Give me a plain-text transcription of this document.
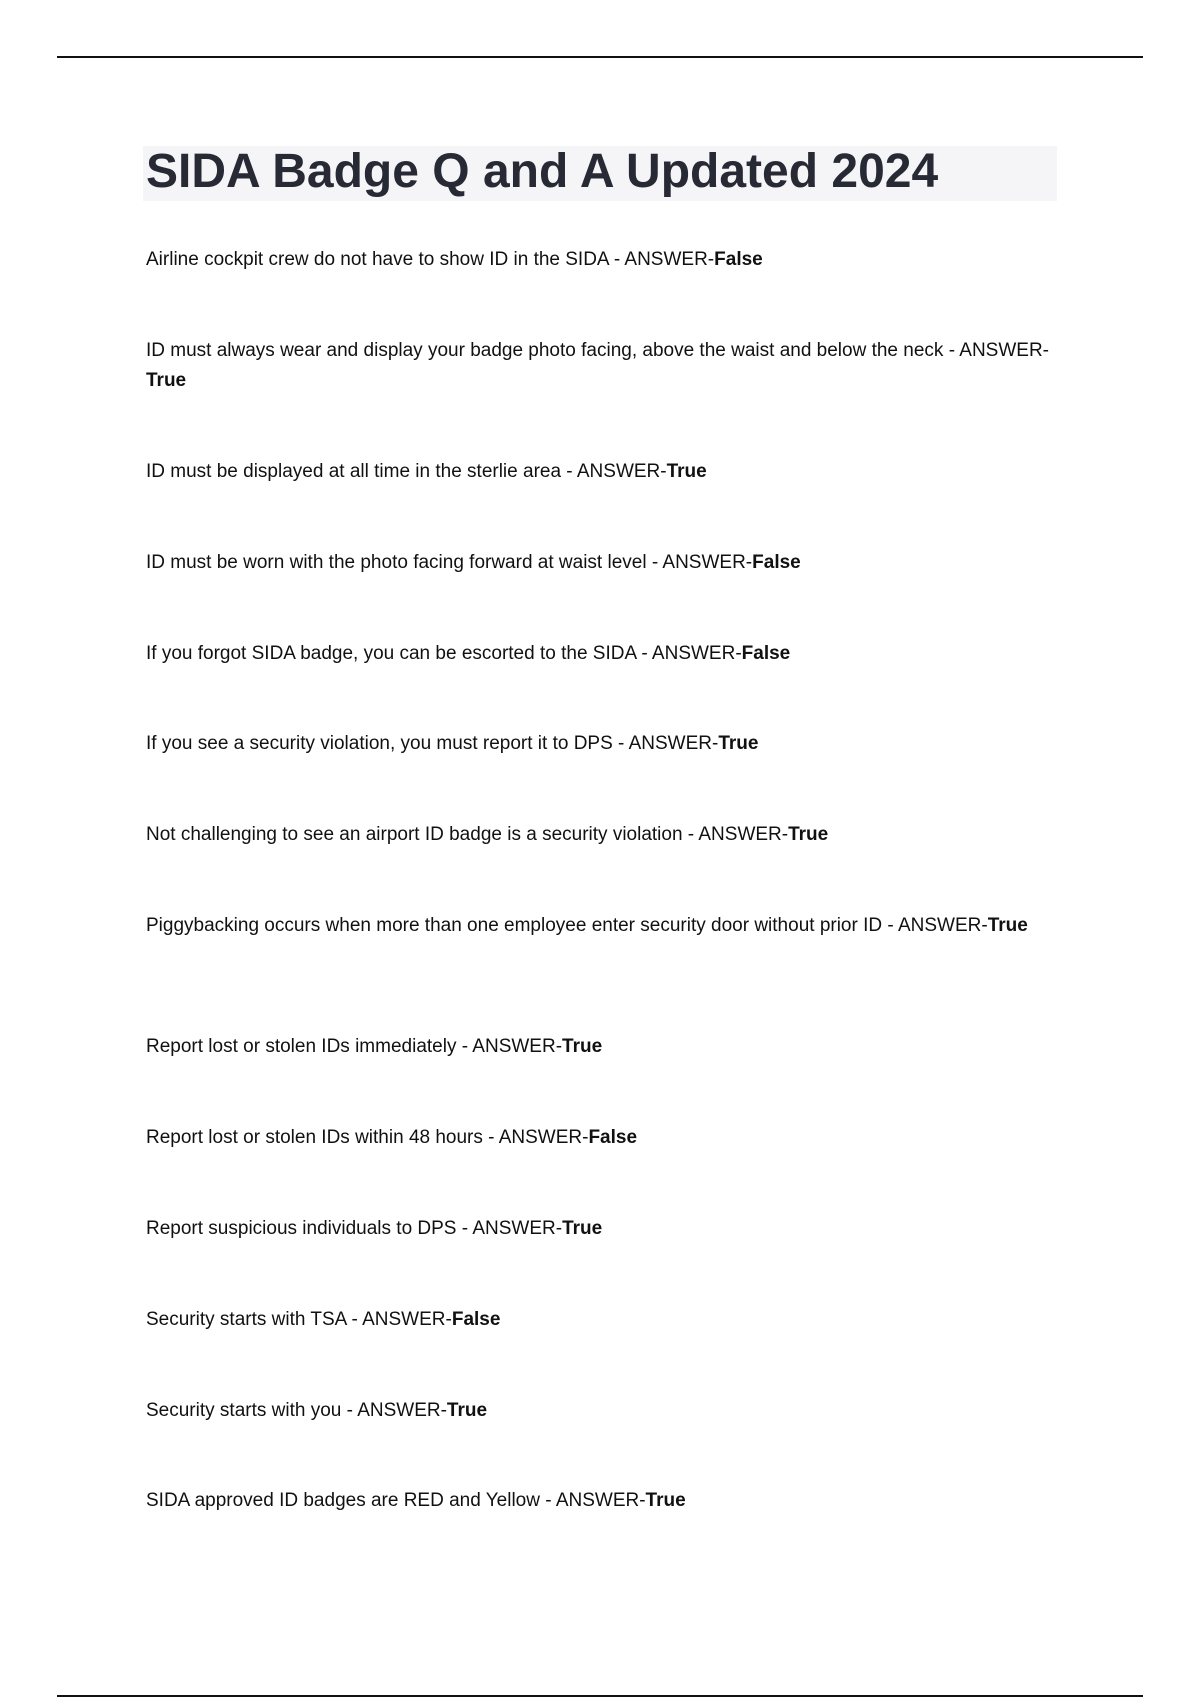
SIDA Badge Q and A Updated 2024

Airline cockpit crew do not have to show ID in the SIDA - ANSWER-False

ID must always wear and display your badge photo facing, above the waist and below the neck - ANSWER-True

ID must be displayed at all time in the sterlie area - ANSWER-True

ID must be worn with the photo facing forward at waist level - ANSWER-False

If you forgot SIDA badge, you can be escorted to the SIDA - ANSWER-False

If you see a security violation, you must report it to DPS - ANSWER-True

Not challenging to see an airport ID badge is a security violation - ANSWER-True

Piggybacking occurs when more than one employee enter security door without prior ID - ANSWER-True

Report lost or stolen IDs immediately - ANSWER-True

Report lost or stolen IDs within 48 hours - ANSWER-False

Report suspicious individuals to DPS - ANSWER-True

Security starts with TSA - ANSWER-False

Security starts with you - ANSWER-True

SIDA approved ID badges are RED and Yellow - ANSWER-True
